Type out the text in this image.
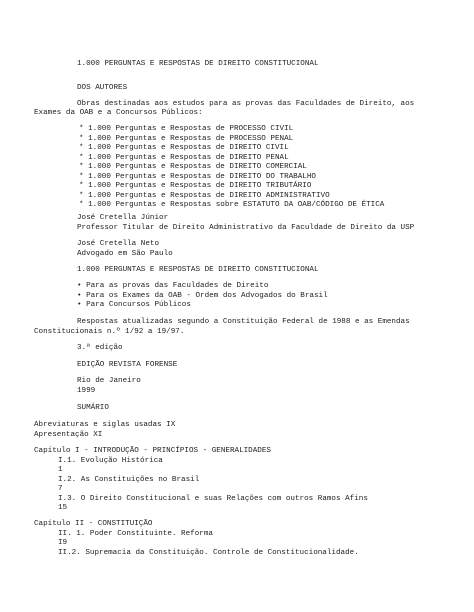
1.000 PERGUNTAS E RESPOSTAS DE DIREITO CONSTITUCIONAL

DOS AUTORES

Obras destinadas aos estudos para as provas das Faculdades de Direito, aos

Exames da OAB e a Concursos Públicos:

* 1.000 Perguntas e Respostas de PROCESSO CIVIL

* 1.000 Perguntas e Respostas de PROCESSO PENAL

* 1.000 Perguntas e Respostas de DIREITO CIVIL

* 1.000 Perguntas e Respostas de DIREITO PENAL

* 1.000 Perguntas e Respostas de DIREITO COMERCIAL

* 1.000 Perguntas e Respostas de DIREITO DO TRABALHO

* 1.000 Perguntas e Respostas de DIREITO TRIBUTÁRIO

* 1.000 Perguntas e Respostas de DIREITO ADMINISTRATIVO

* 1.000 Perguntas e Respostas sobre ESTATUTO DA OAB/CÓDIGO DE ÉTICA

José Cretella Júnior

Professor Titular de Direito Administrativo da Faculdade de Direito da USP

José Cretella Neto

Advogado em São Paulo

1.000 PERGUNTAS E RESPOSTAS DE DIREITO CONSTITUCIONAL

• Para as provas das Faculdades de Direito

• Para os Exames da OAB - Ordem dos Advogados do Brasil

• Para Concursos Públicos

Respostas atualizadas segundo a Constituição Federal de 1988 e as Emendas

Constitucionais n.º 1/92 a 19/97.

3.ª edição

EDIÇÃO REVISTA FORENSE

Rio de Janeiro

1999

SUMÁRIO

Abreviaturas e siglas usadas IX

Apresentação XI

Capítulo I - INTRODUÇÃO - PRINCÍPIOS - GENERALIDADES

I.1. Evolução Histórica

1

I.2. As Constituições no Brasil

7

I.3. O Direito Constitucional e suas Relações com outros Ramos Afins

15

Capítulo II - CONSTITUIÇÃO

II. 1. Poder Constituinte. Reforma

I9

II.2. Supremacia da Constituição. Controle de Constitucionalidade.
